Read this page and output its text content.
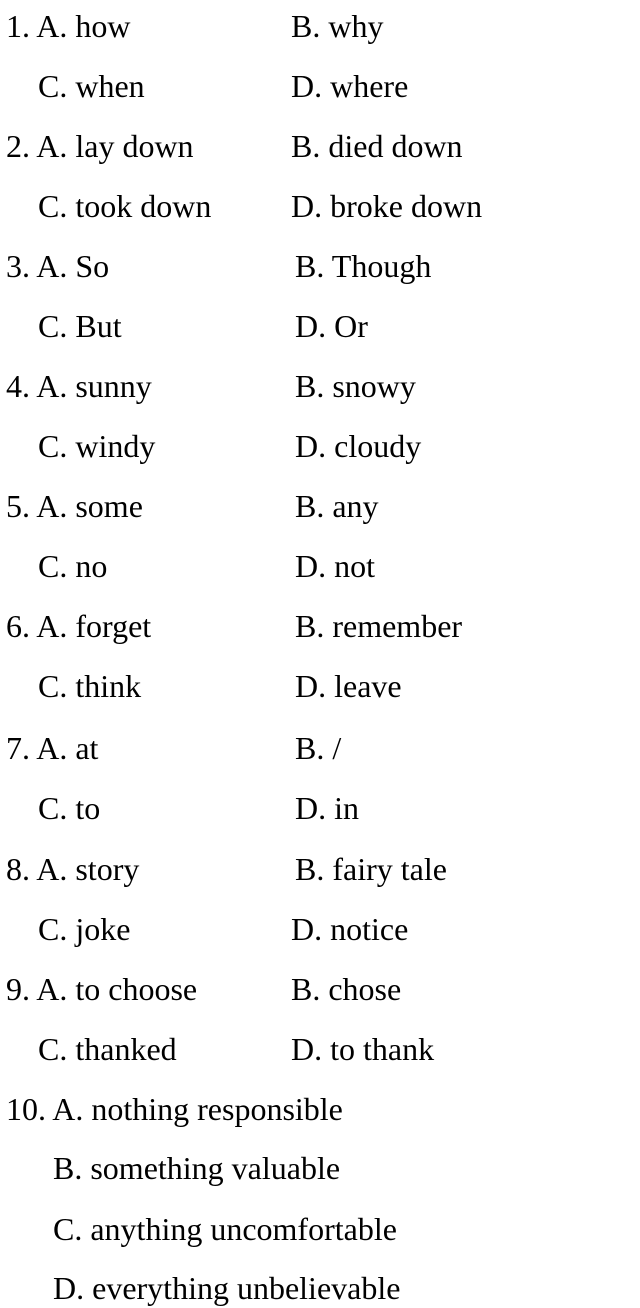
1. A. how	B. why
C. when	D. where
2. A. lay down	B. died down
C. took down D. broke down
3. A. So	B. Though
C. But	D. Or
4. A. sunny	B. snowy
C. windy	D. cloudy
5. A. some	B. any
C. no	D. not
6. A. forget	B. remember
C. think	D. leave
7. A. at	B. /
C. to	D. in
8. A. story	B. fairy tale
C. joke	D. notice
9. A. to choose	B. chose
C. thanked	D. to thank
10. A. nothing responsible
B. something valuable
C. anything uncomfortable
D. everything unbelievable
